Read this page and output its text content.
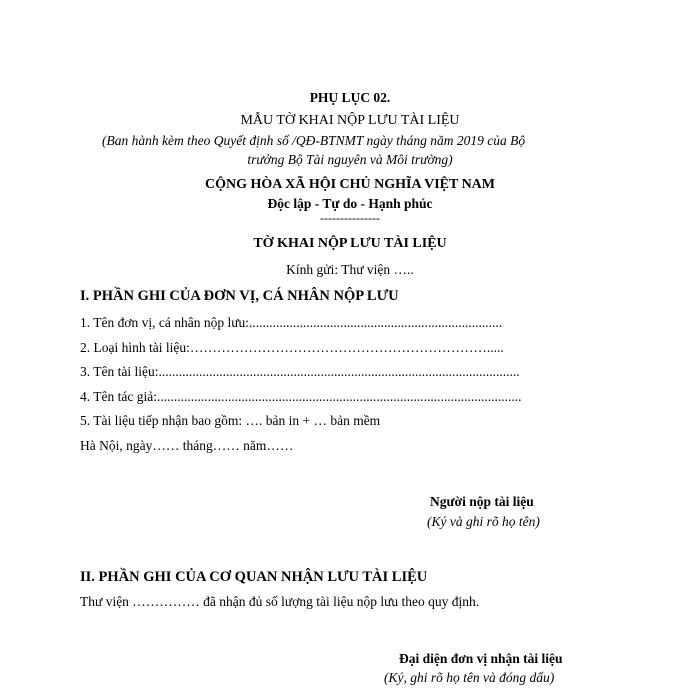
PHỤ LỤC 02.
MẪU TỜ KHAI NỘP LƯU TÀI LIỆU
(Ban hành kèm theo Quyết định số /QĐ-BTNMT ngày tháng năm 2019 của Bộ
trưởng Bộ Tài nguyên và Môi trường)
CỘNG HÒA XÃ HỘI CHỦ NGHĨA VIỆT NAM
Độc lập - Tự do - Hạnh phúc
---------------
TỜ KHAI NỘP LƯU TÀI LIỆU
Kính gửi: Thư viện …..
I. PHẦN GHI CỦA ĐƠN VỊ, CÁ NHÂN NỘP LƯU
1. Tên đơn vị, cá nhân nộp lưu:...........................................................................
2. Loại hình tài liệu:………………………………………………………….....
3. Tên tài liệu:...........................................................................................................
4. Tên tác giả:............................................................................................................
5. Tài liệu tiếp nhận bao gồm: …. bản in + … bản mềm
Hà Nội, ngày…… tháng…… năm……
Người nộp tài liệu
(Ký và ghi rõ họ tên)
II. PHẦN GHI CỦA CƠ QUAN NHẬN LƯU TÀI LIỆU
Thư viện …………… đã nhận đủ số lượng tài liệu nộp lưu theo quy định.
Đại diện đơn vị nhận tài liệu
(Ký, ghi rõ họ tên và đóng dấu)
